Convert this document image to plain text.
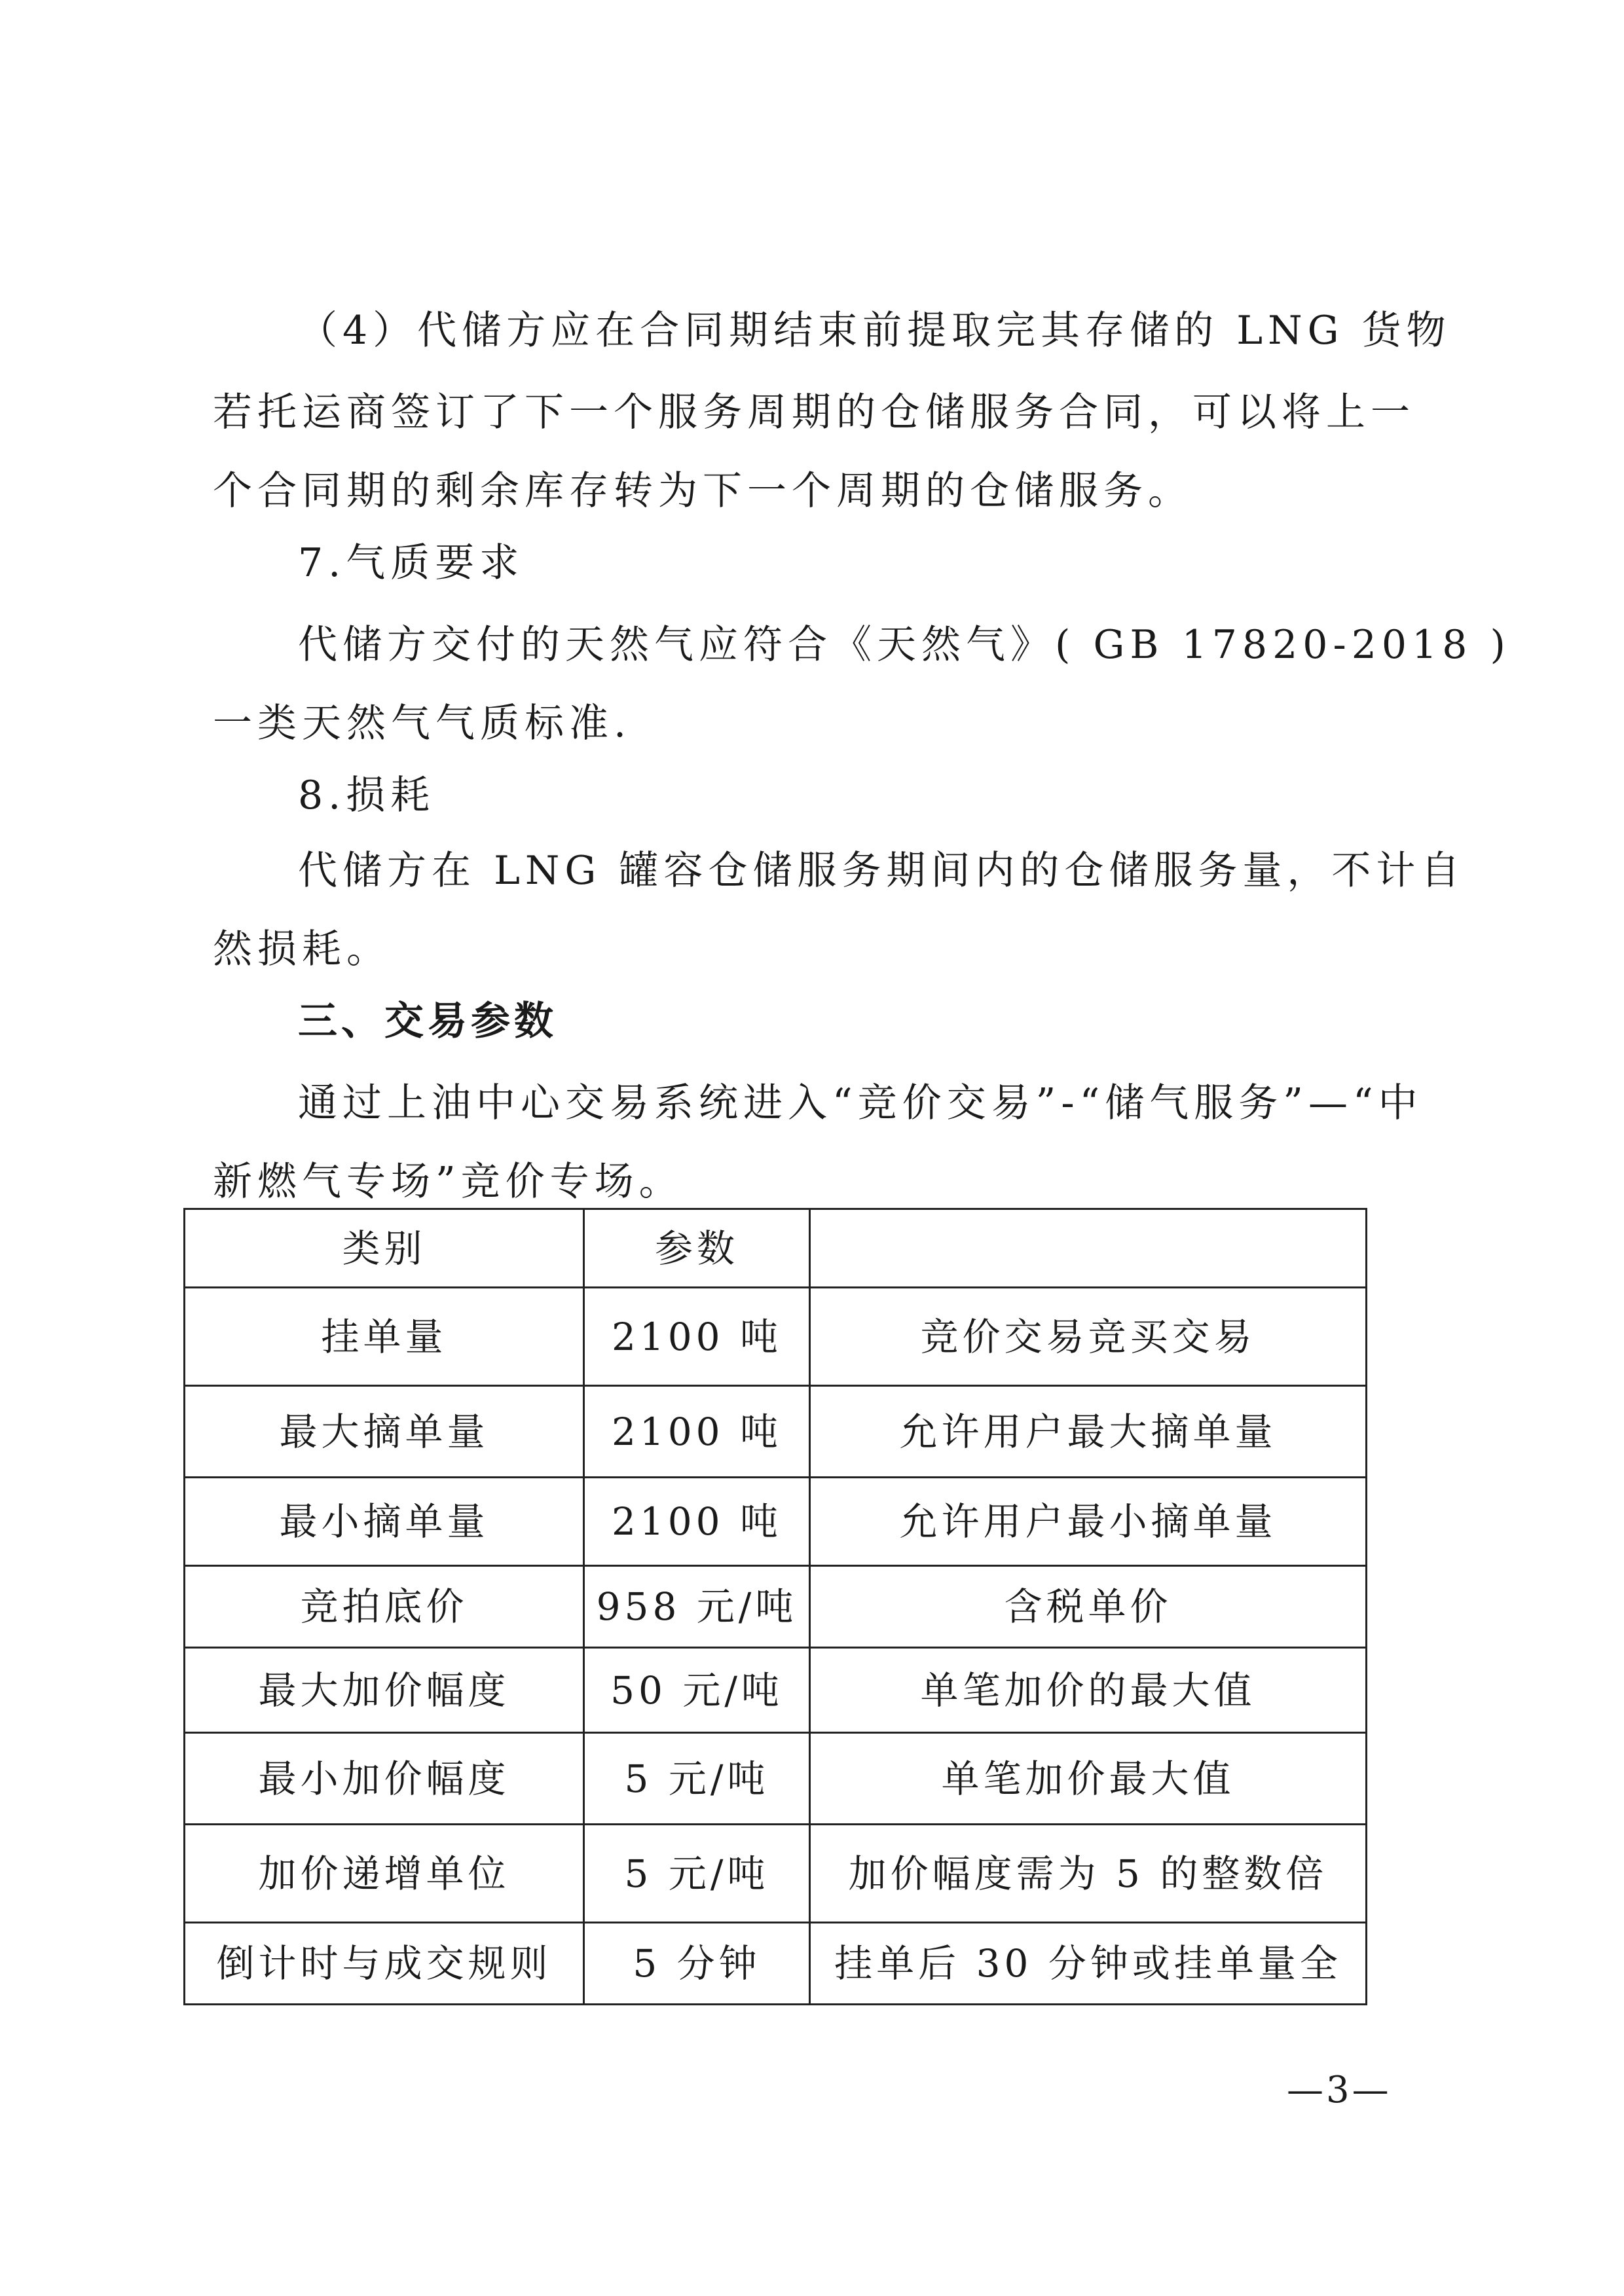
（4）代储方应在合同期结束前提取完其存储的 LNG 货物
若托运商签订了下一个服务周期的仓储服务合同，可以将上一
个合同期的剩余库存转为下一个周期的仓储服务。
7.气质要求
代储方交付的天然气应符合《天然气》( GB 17820-2018 )
一类天然气气质标准.
8.损耗
代储方在 LNG 罐容仓储服务期间内的仓储服务量，不计自
然损耗。
三、交易参数
通过上油中心交易系统进入“竞价交易”-“储气服务”—“中
新燃气专场”竞价专场。
类别	参数	
挂单量	2100 吨	竞价交易竞买交易
最大摘单量	2100 吨	允许用户最大摘单量
最小摘单量	2100 吨	允许用户最小摘单量
竞拍底价	958 元/吨	含税单价
最大加价幅度	50 元/吨	单笔加价的最大值
最小加价幅度	5 元/吨	单笔加价最大值
加价递增单位	5 元/吨	加价幅度需为 5 的整数倍
倒计时与成交规则	5 分钟	挂单后 30 分钟或挂单量全
—3—
